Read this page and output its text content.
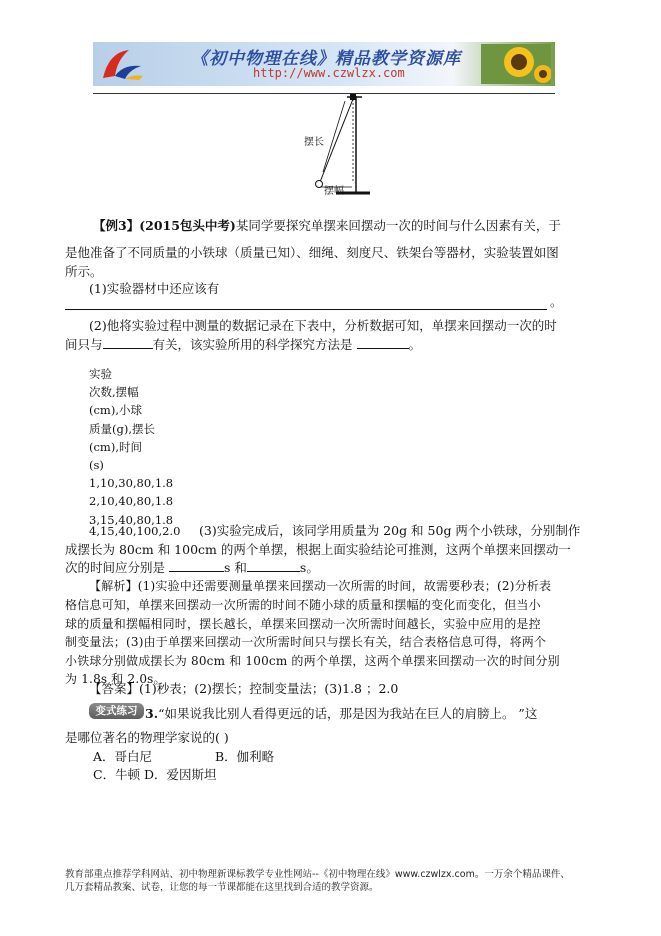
《初中物理在线》精品教学资源库
http://www.czwlzx.com
摆长
摆幅
【例3】(2015包头中考)某同学要探究单摆来回摆动一次的时间与什么因素有关，于
是他准备了不同质量的小铁球（质量已知）、细绳、刻度尺、铁架台等器材，实验装置如图
所示。
(1)实验器材中还应该有
。
(2)他将实验过程中测量的数据记录在下表中，分析数据可知，单摆来回摆动一次的时
间只与	有关，该实验所用的科学探究方法是	。
实验
次数,摆幅
(cm),小球
质量(g),摆长
(cm),时间
(s)
1,10,30,80,1.8
2,10,40,80,1.8
3,15,40,80,1.8
4,15,40,100,2.0 (3)实验完成后，该同学用质量为 20g 和 50g 两个小铁球，分别制作
成摆长为 80cm 和 100cm 的两个单摆，根据上面实验结论可推测，这两个单摆来回摆动一
次的时间应分别是	s 和	s。
【解析】(1)实验中还需要测量单摆来回摆动一次所需的时间，故需要秒表；(2)分析表
格信息可知，单摆来回摆动一次所需的时间不随小球的质量和摆幅的变化而变化，但当小
球的质量和摆幅相同时，摆长越长，单摆来回摆动一次所需时间越长，实验中应用的是控
制变量法；(3)由于单摆来回摆动一次所需时间只与摆长有关，结合表格信息可得，将两个
小铁球分别做成摆长为 80cm 和 100cm 的两个单摆，这两个单摆来回摆动一次的时间分别
为 1.8s 和 2.0s。
【答案】(1)秒表；(2)摆长；控制变量法；(3)1.8 ；2.0
变式练习 3.“如果说我比别人看得更远的话，那是因为我站在巨人的肩膀上。 ”这
是哪位著名的物理学家说的( )
A．哥白尼	B．伽利略
C．牛顿 D．爱因斯坦
教育部重点推荐学科网站、初中物理新课标教学专业性网站--《初中物理在线》www.czwlzx.com。一万余个精品课件、
几万套精品教案、试卷，让您的每一节课都能在这里找到合适的教学资源。
